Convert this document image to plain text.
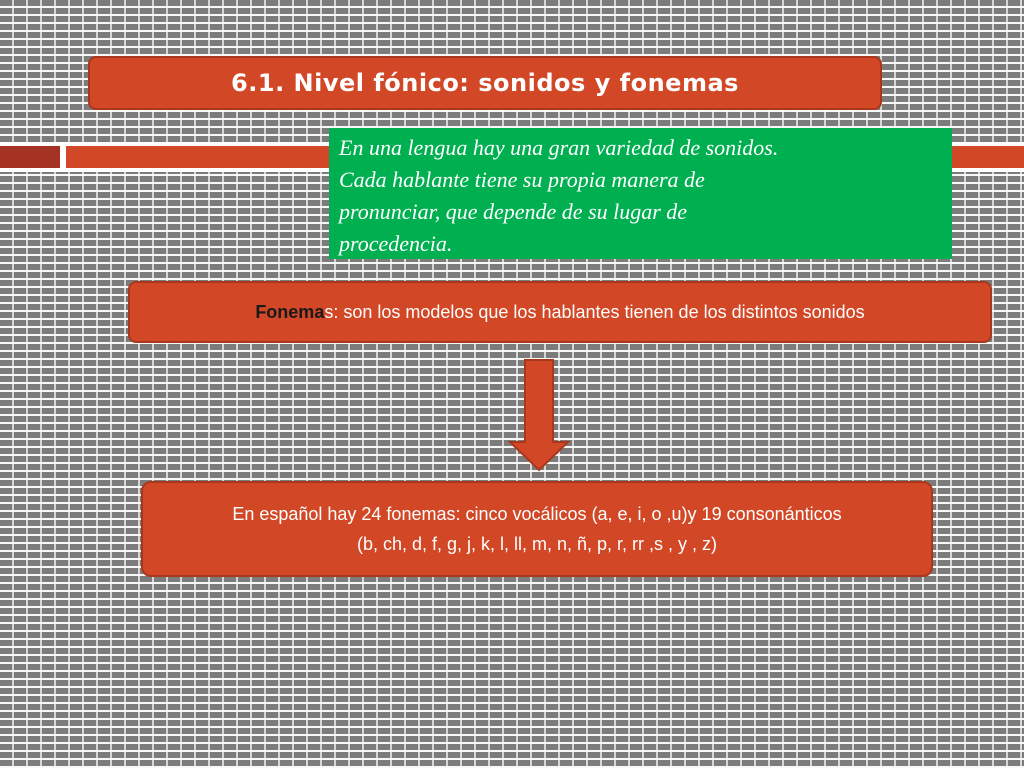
6.1. Nivel fónico: sonidos y fonemas

En una lengua hay una gran variedad de sonidos.
Cada hablante tiene su propia manera de
pronunciar, que depende de su lugar de
procedencia.

Fonemas: son los modelos que los hablantes tienen de los distintos sonidos
En español hay 24 fonemas: cinco vocálicos (a, e, i, o ,u)y 19 consonánticos
(b, ch, d, f, g, j, k, l, ll, m, n, ñ, p, r, rr ,s , y , z)
